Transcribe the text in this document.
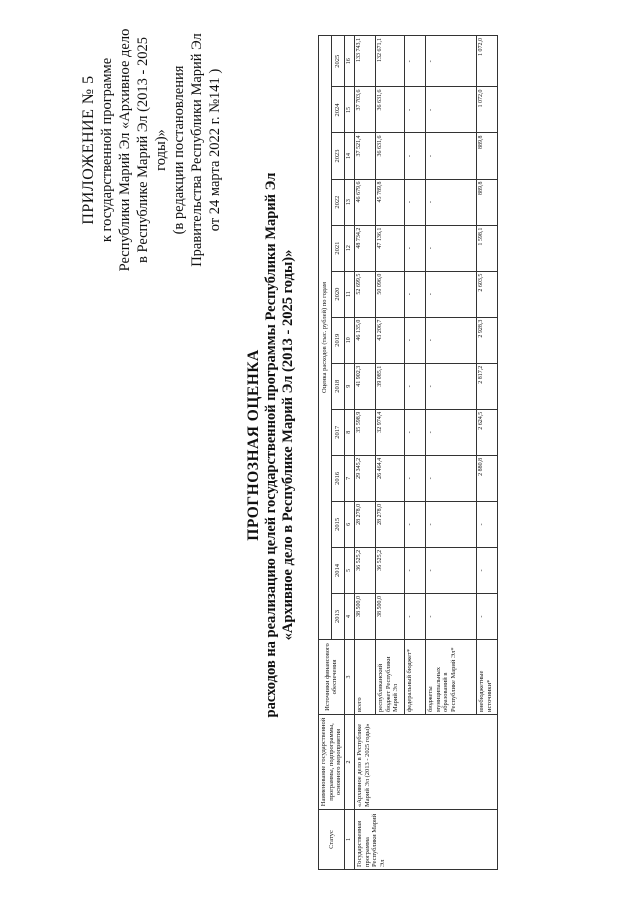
ПРИЛОЖЕНИЕ № 5 к государственной программе Республики Марий Эл «Архивное дело в Республике Марий Эл (2013 - 2025 годы)» (в редакции постановления Правительства Республики Марий Эл от 24 марта 2022 г. №141 )
ПРОГНОЗНАЯ ОЦЕНКА расходов на реализацию целей государственной программы Республики Марий Эл «Архивное дело в Республике Марий Эл (2013 - 2025 годы)»
Статус	Наименование государственной программы, подпрограммы, основного мероприятия	Источники финансового обеспечения	Оценка расходов (тыс. рублей) по годам												
			2013	2014	2015	2016	2017	2018	2019	2020	2021	2022	2023	2024	2025
1	2	3	4	5	6	7	8	9	10	11	12	13	14	15	16
Государственная программа Республики Марий Эл	«Архивное дело в Республике Марий Эл (2013 - 2025 годы)»	всего	38 500,0	36 525,2	28 278,0	29 345,2	35 598,9	41 902,3	46 135,0	52 699,5	48 734,2	46 679,6	37 521,4	37 703,6	133 743,1
		республиканский бюджет Республики Марий Эл	38 500,0	36 525,2	28 278,0	26 464,4	32 974,4	39 085,1	43 206,7	50 096,0	47 136,1	45 789,8	36 631,6	36 631,6	132 671,1
		федеральный бюджет*	-	-	-	-	-	-	-	-	-	-	-	-	-
		бюджеты муниципальных образований в Республике Марий Эл*	-	-	-	-	-	-	-	-	-	-	-	-	-
		внебюджетные источники*	-	-	-	2 880,8	2 624,5	2 817,2	2 928,3	2 603,5	1 598,1	889,8	889,8	1 072,0	1 072,0
